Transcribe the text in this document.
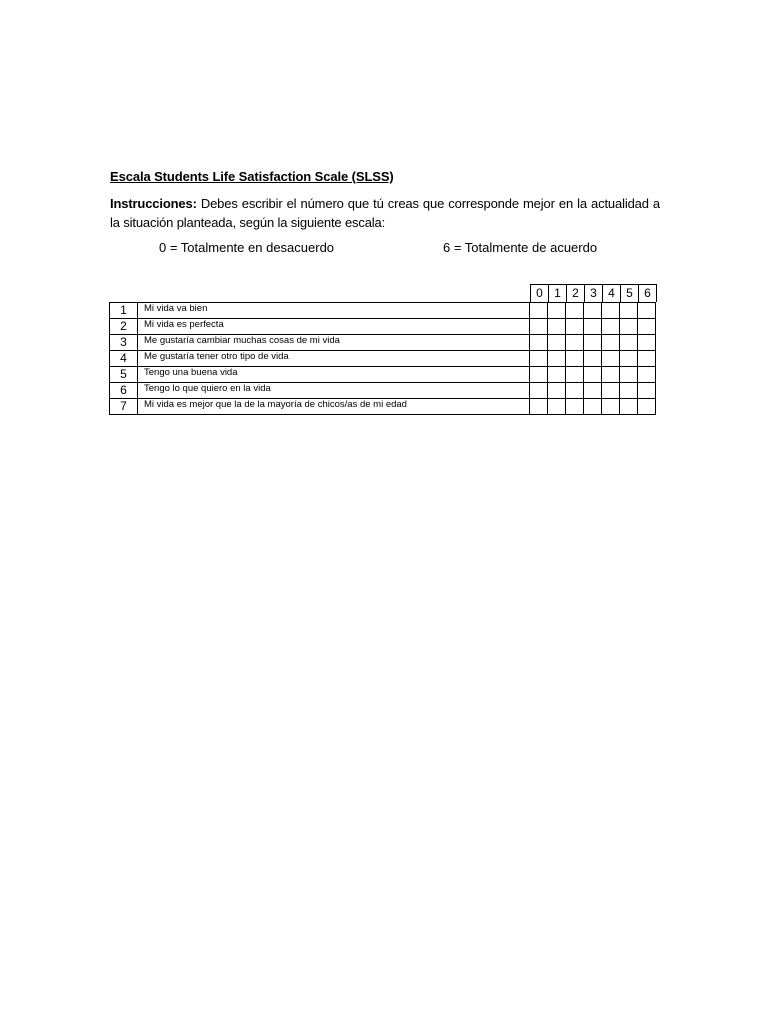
Escala Students Life Satisfaction Scale (SLSS)
Instrucciones: Debes escribir el número que tú creas que corresponde mejor en la actualidad a la situación planteada, según la siguiente escala:
0 = Totalmente en desacuerdo	6 = Totalmente de acuerdo
0 1 2 3 4 5 6
1	Mi vida va bien							
2	Mi vida es perfecta							
3	Me gustaría cambiar muchas cosas de mi vida							
4	Me gustaría tener otro tipo de vida							
5	Tengo una buena vida							
6	Tengo lo que quiero en la vida							
7	Mi vida es mejor que la de la mayoría de chicos/as de mi edad							
